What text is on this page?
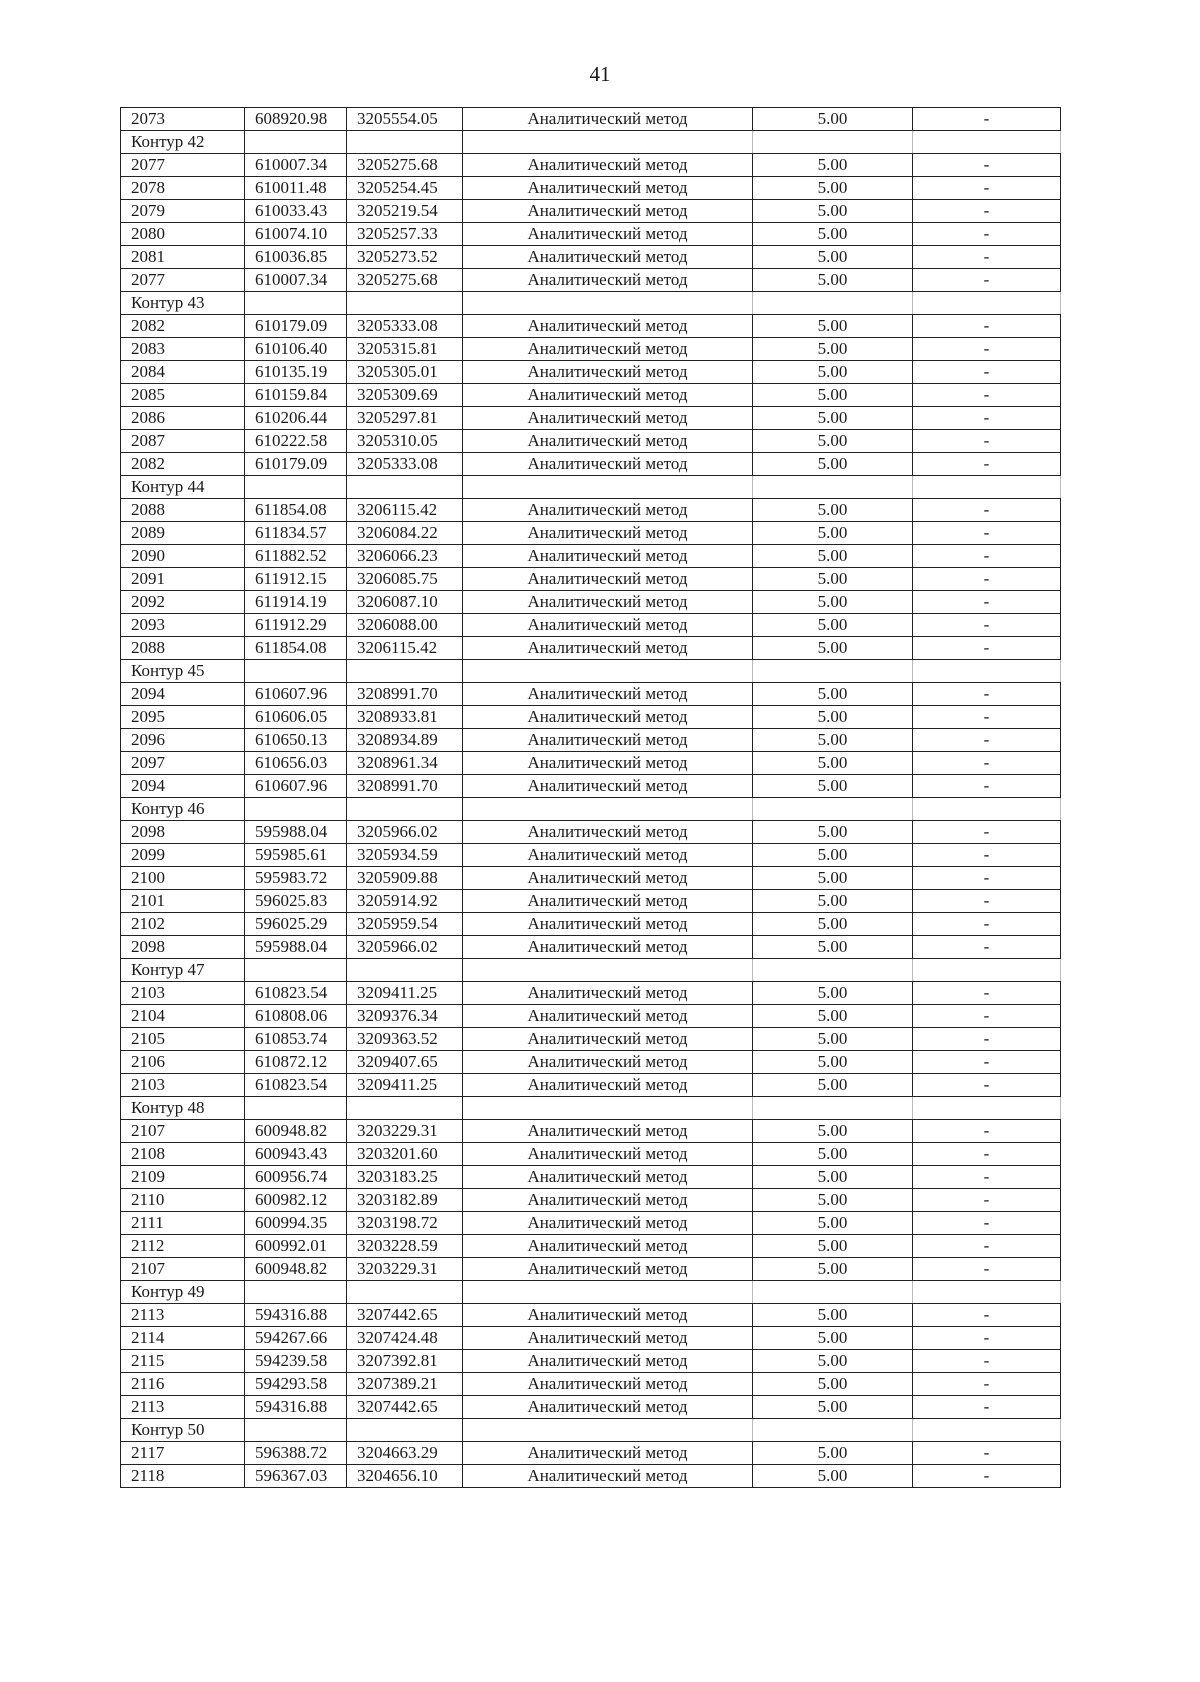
41
2073	608920.98	3205554.05	Аналитический метод	5.00	-
Контур 42					
2077	610007.34	3205275.68	Аналитический метод	5.00	-
2078	610011.48	3205254.45	Аналитический метод	5.00	-
2079	610033.43	3205219.54	Аналитический метод	5.00	-
2080	610074.10	3205257.33	Аналитический метод	5.00	-
2081	610036.85	3205273.52	Аналитический метод	5.00	-
2077	610007.34	3205275.68	Аналитический метод	5.00	-
Контур 43					
2082	610179.09	3205333.08	Аналитический метод	5.00	-
2083	610106.40	3205315.81	Аналитический метод	5.00	-
2084	610135.19	3205305.01	Аналитический метод	5.00	-
2085	610159.84	3205309.69	Аналитический метод	5.00	-
2086	610206.44	3205297.81	Аналитический метод	5.00	-
2087	610222.58	3205310.05	Аналитический метод	5.00	-
2082	610179.09	3205333.08	Аналитический метод	5.00	-
Контур 44					
2088	611854.08	3206115.42	Аналитический метод	5.00	-
2089	611834.57	3206084.22	Аналитический метод	5.00	-
2090	611882.52	3206066.23	Аналитический метод	5.00	-
2091	611912.15	3206085.75	Аналитический метод	5.00	-
2092	611914.19	3206087.10	Аналитический метод	5.00	-
2093	611912.29	3206088.00	Аналитический метод	5.00	-
2088	611854.08	3206115.42	Аналитический метод	5.00	-
Контур 45					
2094	610607.96	3208991.70	Аналитический метод	5.00	-
2095	610606.05	3208933.81	Аналитический метод	5.00	-
2096	610650.13	3208934.89	Аналитический метод	5.00	-
2097	610656.03	3208961.34	Аналитический метод	5.00	-
2094	610607.96	3208991.70	Аналитический метод	5.00	-
Контур 46					
2098	595988.04	3205966.02	Аналитический метод	5.00	-
2099	595985.61	3205934.59	Аналитический метод	5.00	-
2100	595983.72	3205909.88	Аналитический метод	5.00	-
2101	596025.83	3205914.92	Аналитический метод	5.00	-
2102	596025.29	3205959.54	Аналитический метод	5.00	-
2098	595988.04	3205966.02	Аналитический метод	5.00	-
Контур 47					
2103	610823.54	3209411.25	Аналитический метод	5.00	-
2104	610808.06	3209376.34	Аналитический метод	5.00	-
2105	610853.74	3209363.52	Аналитический метод	5.00	-
2106	610872.12	3209407.65	Аналитический метод	5.00	-
2103	610823.54	3209411.25	Аналитический метод	5.00	-
Контур 48					
2107	600948.82	3203229.31	Аналитический метод	5.00	-
2108	600943.43	3203201.60	Аналитический метод	5.00	-
2109	600956.74	3203183.25	Аналитический метод	5.00	-
2110	600982.12	3203182.89	Аналитический метод	5.00	-
2111	600994.35	3203198.72	Аналитический метод	5.00	-
2112	600992.01	3203228.59	Аналитический метод	5.00	-
2107	600948.82	3203229.31	Аналитический метод	5.00	-
Контур 49					
2113	594316.88	3207442.65	Аналитический метод	5.00	-
2114	594267.66	3207424.48	Аналитический метод	5.00	-
2115	594239.58	3207392.81	Аналитический метод	5.00	-
2116	594293.58	3207389.21	Аналитический метод	5.00	-
2113	594316.88	3207442.65	Аналитический метод	5.00	-
Контур 50					
2117	596388.72	3204663.29	Аналитический метод	5.00	-
2118	596367.03	3204656.10	Аналитический метод	5.00	-
